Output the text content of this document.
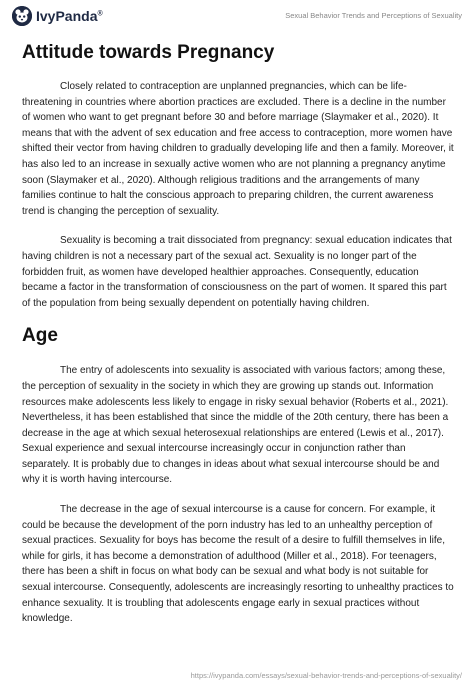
IvyPanda®	Sexual Behavior Trends and Perceptions of Sexuality
Attitude towards Pregnancy

Closely related to contraception are unplanned pregnancies, which can be life-threatening in countries where abortion practices are excluded. There is a decline in the number of women who want to get pregnant before 30 and before marriage (Slaymaker et al., 2020). It means that with the advent of sex education and free access to contraception, more women have shifted their vector from having children to gradually developing life and then a family. Moreover, it has also led to an increase in sexually active women who are not planning a pregnancy anytime soon (Slaymaker et al., 2020). Although religious traditions and the arrangements of many families continue to halt the conscious approach to preparing children, the current awareness trend is changing the perception of sexuality.

Sexuality is becoming a trait dissociated from pregnancy: sexual education indicates that having children is not a necessary part of the sexual act. Sexuality is no longer part of the forbidden fruit, as women have developed healthier approaches. Consequently, education became a factor in the transformation of consciousness on the part of women. It spared this part of the population from being sexually dependent on potentially having children.

Age

The entry of adolescents into sexuality is associated with various factors; among these, the perception of sexuality in the society in which they are growing up stands out. Information resources make adolescents less likely to engage in risky sexual behavior (Roberts et al., 2021). Nevertheless, it has been established that since the middle of the 20th century, there has been a decrease in the age at which sexual heterosexual relationships are entered (Lewis et al., 2017). Sexual experience and sexual intercourse increasingly occur in conjunction rather than separately. It is probably due to changes in ideas about what sexual intercourse should be and why it is worth having intercourse.

The decrease in the age of sexual intercourse is a cause for concern. For example, it could be because the development of the porn industry has led to an unhealthy perception of sexual practices. Sexuality for boys has become the result of a desire to fulfill themselves in life, while for girls, it has become a demonstration of adulthood (Miller et al., 2018). For teenagers, there has been a shift in focus on what body can be sexual and what body is not suitable for sexual intercourse. Consequently, adolescents are increasingly resorting to unhealthy practices to enhance sexuality. It is troubling that adolescents engage early in sexual practices without knowledge.

https://ivypanda.com/essays/sexual-behavior-trends-and-perceptions-of-sexuality/
